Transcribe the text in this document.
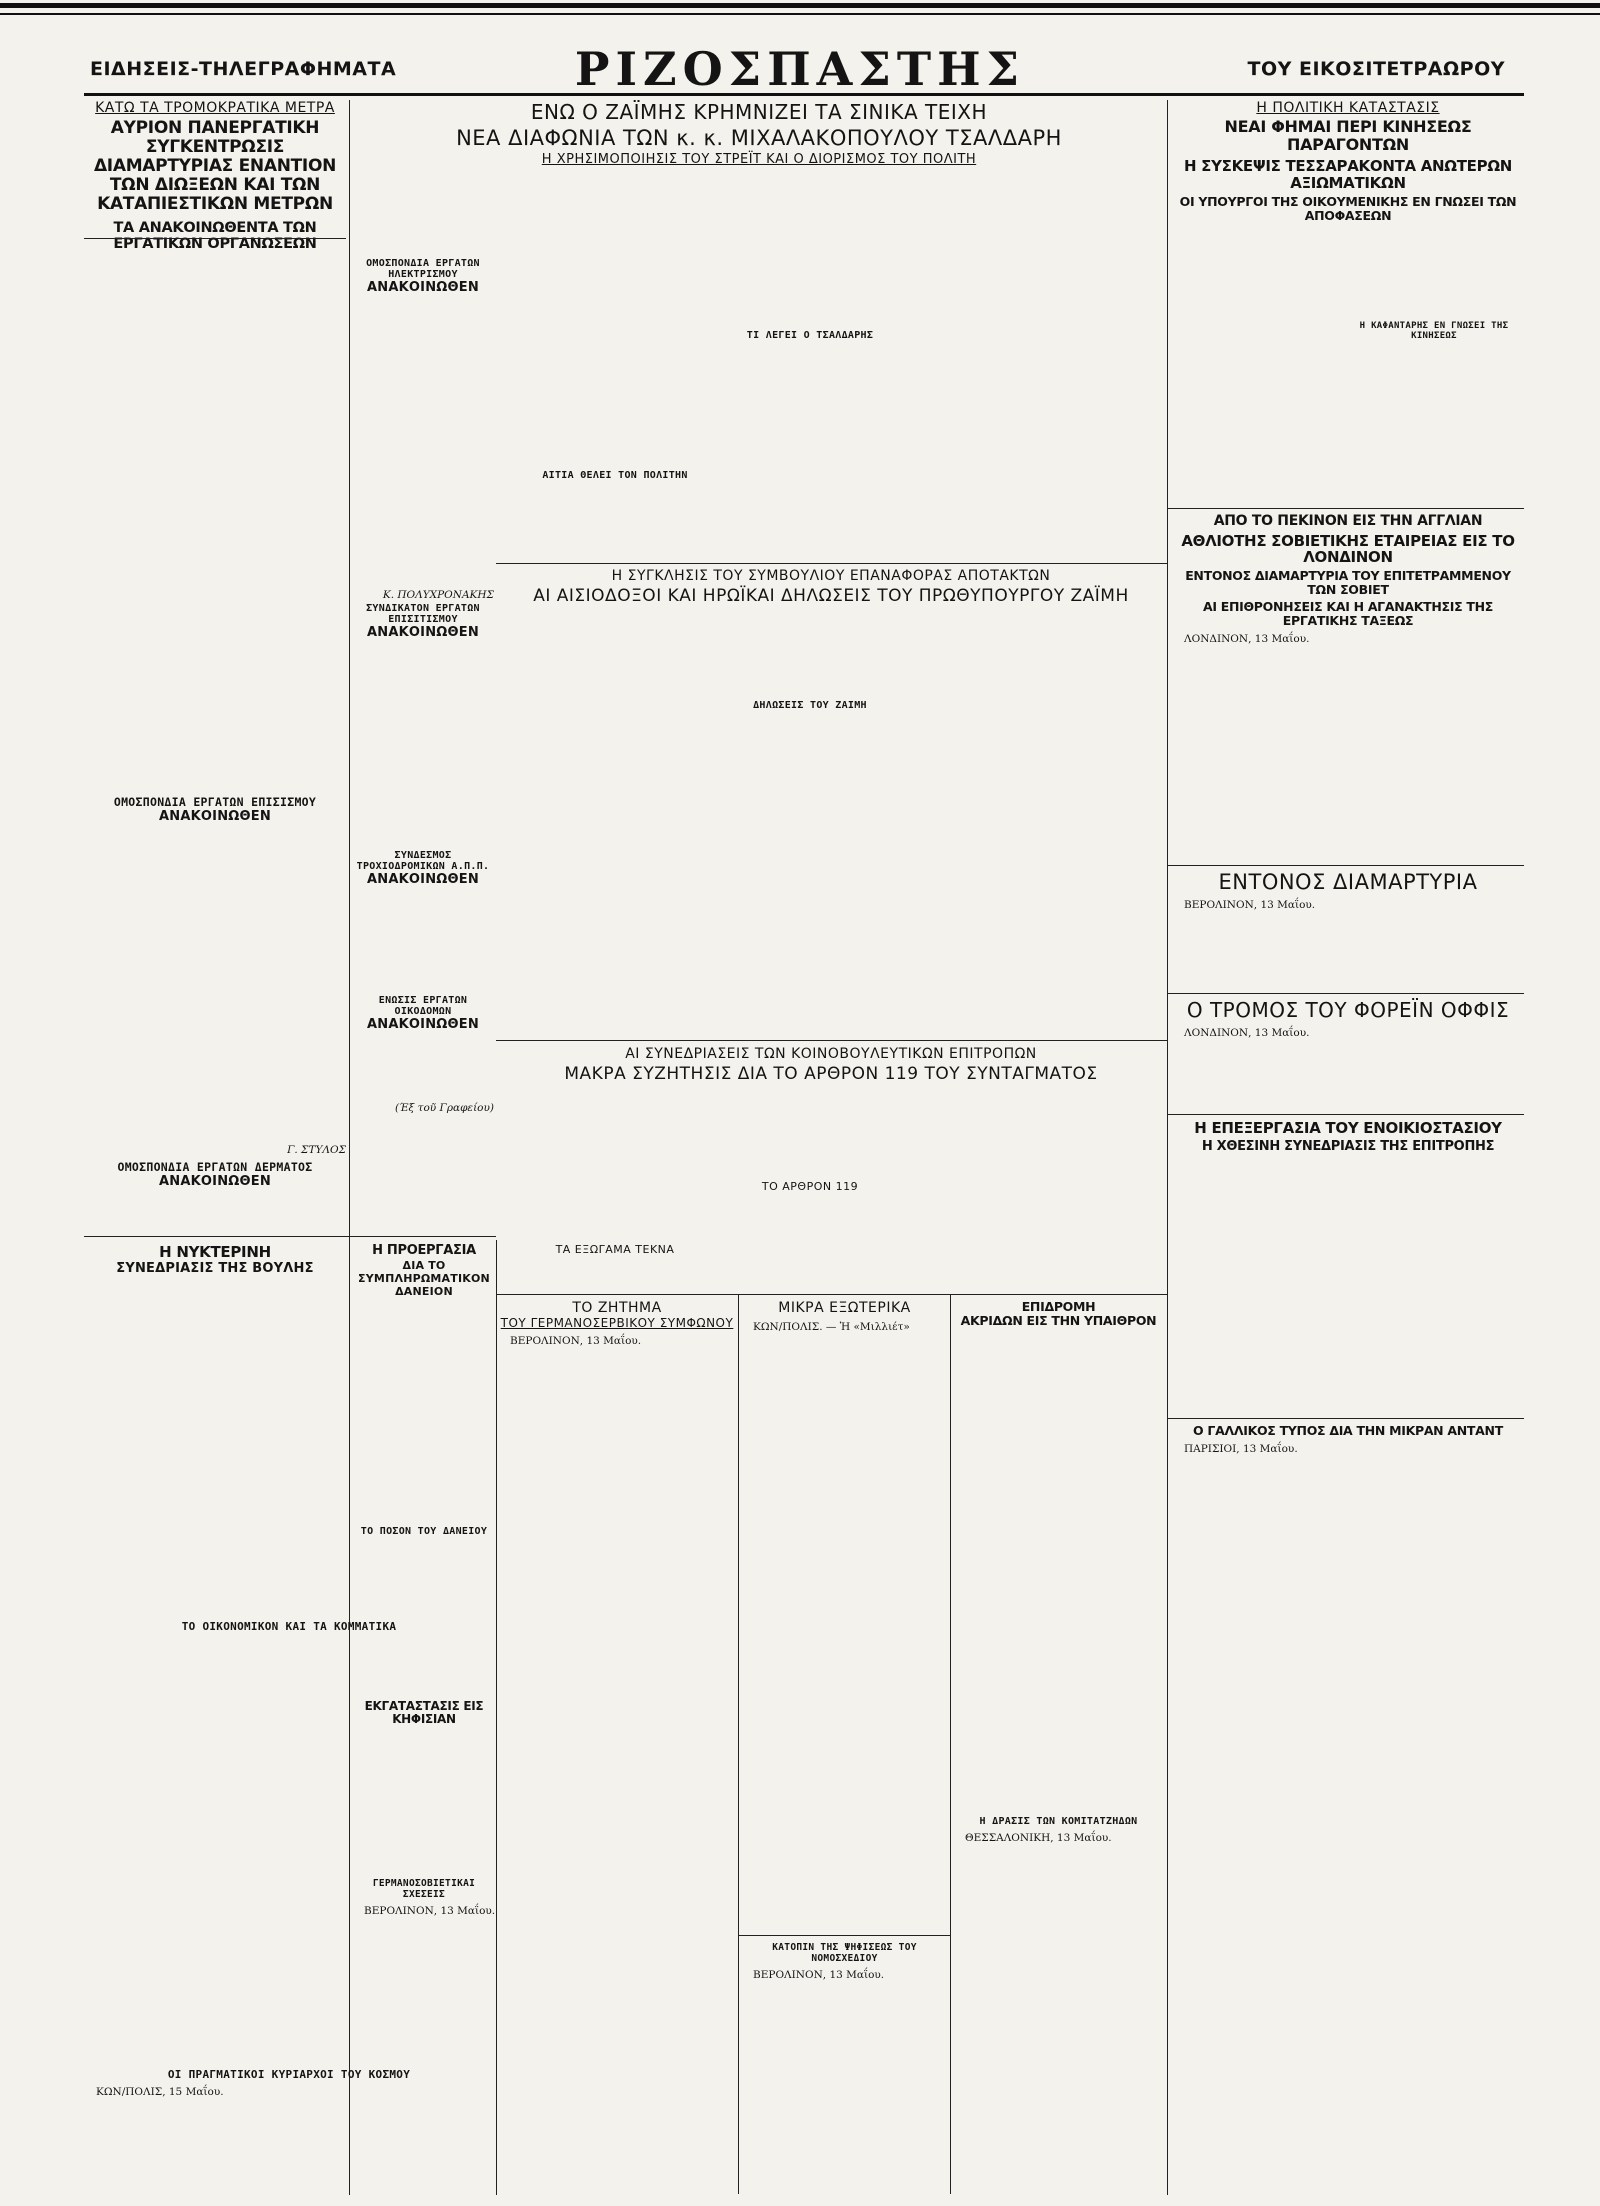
ΕΙΔΗΣΕΙΣ-ΤΗΛΕΓΡΑΦΗΜΑΤΑ	ΡΙΖΟΣΠΑΣΤΗΣ	ΤΟΥ ΕΙΚΟΣΙΤΕΤΡΑΩΡΟΥ
ΚΑΤΩ ΤΑ ΤΡΟΜΟΚΡΑΤΙΚΑ ΜΕΤΡΑ
ΑΥΡΙΟΝ ΠΑΝΕΡΓΑΤΙΚΗ ΣΥΓΚΕΝΤΡΩΣΙΣ ΔΙΑΜΑΡΤΥΡΙΑΣ ΕΝΑΝΤΙΟΝ ΤΩΝ ΔΙΩΞΕΩΝ ΚΑΙ ΤΩΝ ΚΑΤΑΠΙΕΣΤΙΚΩΝ ΜΕΤΡΩΝ
ΤΑ ΑΝΑΚΟΙΝΩΘΕΝΤΑ ΤΩΝ ΕΡΓΑΤΙΚΩΝ ΟΡΓΑΝΩΣΕΩΝ
ΟΜΟΣΠΟΝΔΙΑ ΕΡΓΑΤΩΝ ΕΠΙΣΙΣΜΟΥ
ΑΝΑΚΟΙΝΩΘΕΝ
Γ. ΣΤΥΛΟΣ
ΟΜΟΣΠΟΝΔΙΑ ΕΡΓΑΤΩΝ ΔΕΡΜΑΤΟΣ
ΑΝΑΚΟΙΝΩΘΕΝ
Η ΝΥΚΤΕΡΙΝΗ
ΣΥΝΕΔΡΙΑΣΙΣ ΤΗΣ ΒΟΥΛΗΣ
ΤΟ ΟΙΚΟΝΟΜΙΚΟΝ ΚΑΙ ΤΑ ΚΟΜΜΑΤΙΚΑ
ΟΙ ΠΡΑΓΜΑΤΙΚΟΙ ΚΥΡΙΑΡΧΟΙ ΤΟΥ ΚΟΣΜΟΥ

ΚΩΝ/ΠΟΛΙΣ, 15 Μαΐου.

ΟΜΟΣΠΟΝΔΙΑ ΕΡΓΑΤΩΝ ΗΛΕΚΤΡΙΣΜΟΥ
ΑΝΑΚΟΙΝΩΘΕΝ
Κ. ΠΟΛΥΧΡΟΝΑΚΗΣ
ΣΥΝΔΙΚΑΤΟΝ ΕΡΓΑΤΩΝ ΕΠΙΣΙΤΙΣΜΟΥ
ΑΝΑΚΟΙΝΩΘΕΝ
ΣΥΝΔΕΣΜΟΣ ΤΡΟΧΙΟΔΡΟΜΙΚΩΝ Α.Π.Π.
ΑΝΑΚΟΙΝΩΘΕΝ
ΕΝΩΣΙΣ ΕΡΓΑΤΩΝ ΟΙΚΟΔΟΜΩΝ
ΑΝΑΚΟΙΝΩΘΕΝ
(Έξ τοῦ Γραφείου)
Η ΠΡΟΕΡΓΑΣΙΑ
ΔΙΑ ΤΟ ΣΥΜΠΛΗΡΩΜΑΤΙΚΟΝ ΔΑΝΕΙΟΝ
ΤΟ ΠΟΣΟΝ ΤΟΥ ΔΑΝΕΙΟΥ
ΕΚΓΑΤΑΣΤΑΣΙΣ ΕΙΣ ΚΗΦΙΣΙΑΝ
ΓΕΡΜΑΝΟΣΟΒΙΕΤΙΚΑΙ ΣΧΕΣΕΙΣ

ΒΕΡΟΛΙΝΟΝ, 13 Μαΐου.

ΕΝΩ Ο ΖΑΪΜΗΣ ΚΡΗΜΝΙΖΕΙ ΤΑ ΣΙΝΙΚΑ ΤΕΙΧΗ
ΝΕΑ ΔΙΑΦΩΝΙΑ ΤΩΝ κ. κ. ΜΙΧΑΛΑΚΟΠΟΥΛΟΥ ΤΣΑΛΔΑΡΗ
Η ΧΡΗΣΙΜΟΠΟΙΗΣΙΣ ΤΟΥ ΣΤΡΕΪΤ ΚΑΙ Ο ΔΙΟΡΙΣΜΟΣ ΤΟΥ ΠΟΛΙΤΗ
ΤΙ ΛΕΓΕΙ Ο ΤΣΑΛΔΑΡΗΣ
ΑΙΤΙΑ ΘΕΛΕΙ ΤΟΝ ΠΟΛΙΤΗΝ
Η ΣΥΓΚΛΗΣΙΣ ΤΟΥ ΣΥΜΒΟΥΛΙΟΥ ΕΠΑΝΑΦΟΡΑΣ ΑΠΟΤΑΚΤΩΝ
ΑΙ ΑΙΣΙΟΔΟΞΟΙ ΚΑΙ ΗΡΩΪΚΑΙ ΔΗΛΩΣΕΙΣ ΤΟΥ ΠΡΩΘΥΠΟΥΡΓΟΥ ΖΑΪΜΗ
ΔΗΛΩΣΕΙΣ ΤΟΥ ΖΑΪΜΗ
ΑΙ ΣΥΝΕΔΡΙΑΣΕΙΣ ΤΩΝ ΚΟΙΝΟΒΟΥΛΕΥΤΙΚΩΝ ΕΠΙΤΡΟΠΩΝ
ΜΑΚΡΑ ΣΥΖΗΤΗΣΙΣ ΔΙΑ ΤΟ ΑΡΘΡΟΝ 119 ΤΟΥ ΣΥΝΤΑΓΜΑΤΟΣ
ΤΟ ΑΡΘΡΟΝ 119
ΤΑ ΕΞΩΓΑΜΑ ΤΕΚΝΑ
ΤΟ ΖΗΤΗΜΑ
ΤΟΥ ΓΕΡΜΑΝΟΣΕΡΒΙΚΟΥ ΣΥΜΦΩΝΟΥ

ΒΕΡΟΛΙΝΟΝ, 13 Μαΐου.

ΜΙΚΡΑ ΕΞΩΤΕΡΙΚΑ

ΚΩΝ/ΠΟΛΙΣ. — Ἡ «Μιλλιέτ»

ΚΑΤΟΠΙΝ ΤΗΣ ΨΗΦΙΣΕΩΣ ΤΟΥ ΝΟΜΟΣΧΕΔΙΟΥ

ΒΕΡΟΛΙΝΟΝ, 13 Μαΐου.

ΕΠΙΔΡΟΜΗ
ΑΚΡΙΔΩΝ ΕΙΣ ΤΗΝ ΥΠΑΙΘΡΟΝ
Η ΔΡΑΣΙΣ ΤΩΝ ΚΟΜΙΤΑΤΖΗΔΩΝ

ΘΕΣΣΑΛΟΝΙΚΗ, 13 Μαΐου.

Η ΠΟΛΙΤΙΚΗ ΚΑΤΑΣΤΑΣΙΣ
ΝΕΑΙ ΦΗΜΑΙ ΠΕΡΙ ΚΙΝΗΣΕΩΣ ΠΑΡΑΓΟΝΤΩΝ
Η ΣΥΣΚΕΨΙΣ ΤΕΣΣΑΡΑΚΟΝΤΑ ΑΝΩΤΕΡΩΝ ΑΞΙΩΜΑΤΙΚΩΝ
ΟΙ ΥΠΟΥΡΓΟΙ ΤΗΣ ΟΙΚΟΥΜΕΝΙΚΗΣ ΕΝ ΓΝΩΣΕΙ ΤΩΝ ΑΠΟΦΑΣΕΩΝ
Η ΚΑΦΑΝΤΑΡΗΣ ΕΝ ΓΝΩΣΕΙ ΤΗΣ ΚΙΝΗΣΕΩΣ
ΑΠΟ ΤΟ ΠΕΚΙΝΟΝ ΕΙΣ ΤΗΝ ΑΓΓΛΙΑΝ
ΑΘΛΙΟΤΗΣ ΣΟΒΙΕΤΙΚΗΣ ΕΤΑΙΡΕΙΑΣ ΕΙΣ ΤΟ ΛΟΝΔΙΝΟΝ
ΕΝΤΟΝΟΣ ΔΙΑΜΑΡΤΥΡΙΑ ΤΟΥ ΕΠΙΤΕΤΡΑΜΜΕΝΟΥ ΤΩΝ ΣΟΒΙΕΤ
ΑΙ ΕΠΙΘΡΟΝΗΣΕΙΣ ΚΑΙ Η ΑΓΑΝΑΚΤΗΣΙΣ ΤΗΣ ΕΡΓΑΤΙΚΗΣ ΤΑΞΕΩΣ

ΛΟΝΔΙΝΟΝ, 13 Μαΐου.

ΕΝΤΟΝΟΣ ΔΙΑΜΑΡΤΥΡΙΑ

ΒΕΡΟΛΙΝΟΝ, 13 Μαΐου.

Ο ΤΡΟΜΟΣ ΤΟΥ ΦΟΡΕΪΝ ΟΦΦΙΣ

ΛΟΝΔΙΝΟΝ, 13 Μαΐου.

Η ΕΠΕΞΕΡΓΑΣΙΑ ΤΟΥ ΕΝΟΙΚΙΟΣΤΑΣΙΟΥ
Η ΧΘΕΣΙΝΗ ΣΥΝΕΔΡΙΑΣΙΣ ΤΗΣ ΕΠΙΤΡΟΠΗΣ
Ο ΓΑΛΛΙΚΟΣ ΤΥΠΟΣ ΔΙΑ ΤΗΝ ΜΙΚΡΑΝ ΑΝΤΑΝΤ

ΠΑΡΙΣΙΟΙ, 13 Μαΐου.
